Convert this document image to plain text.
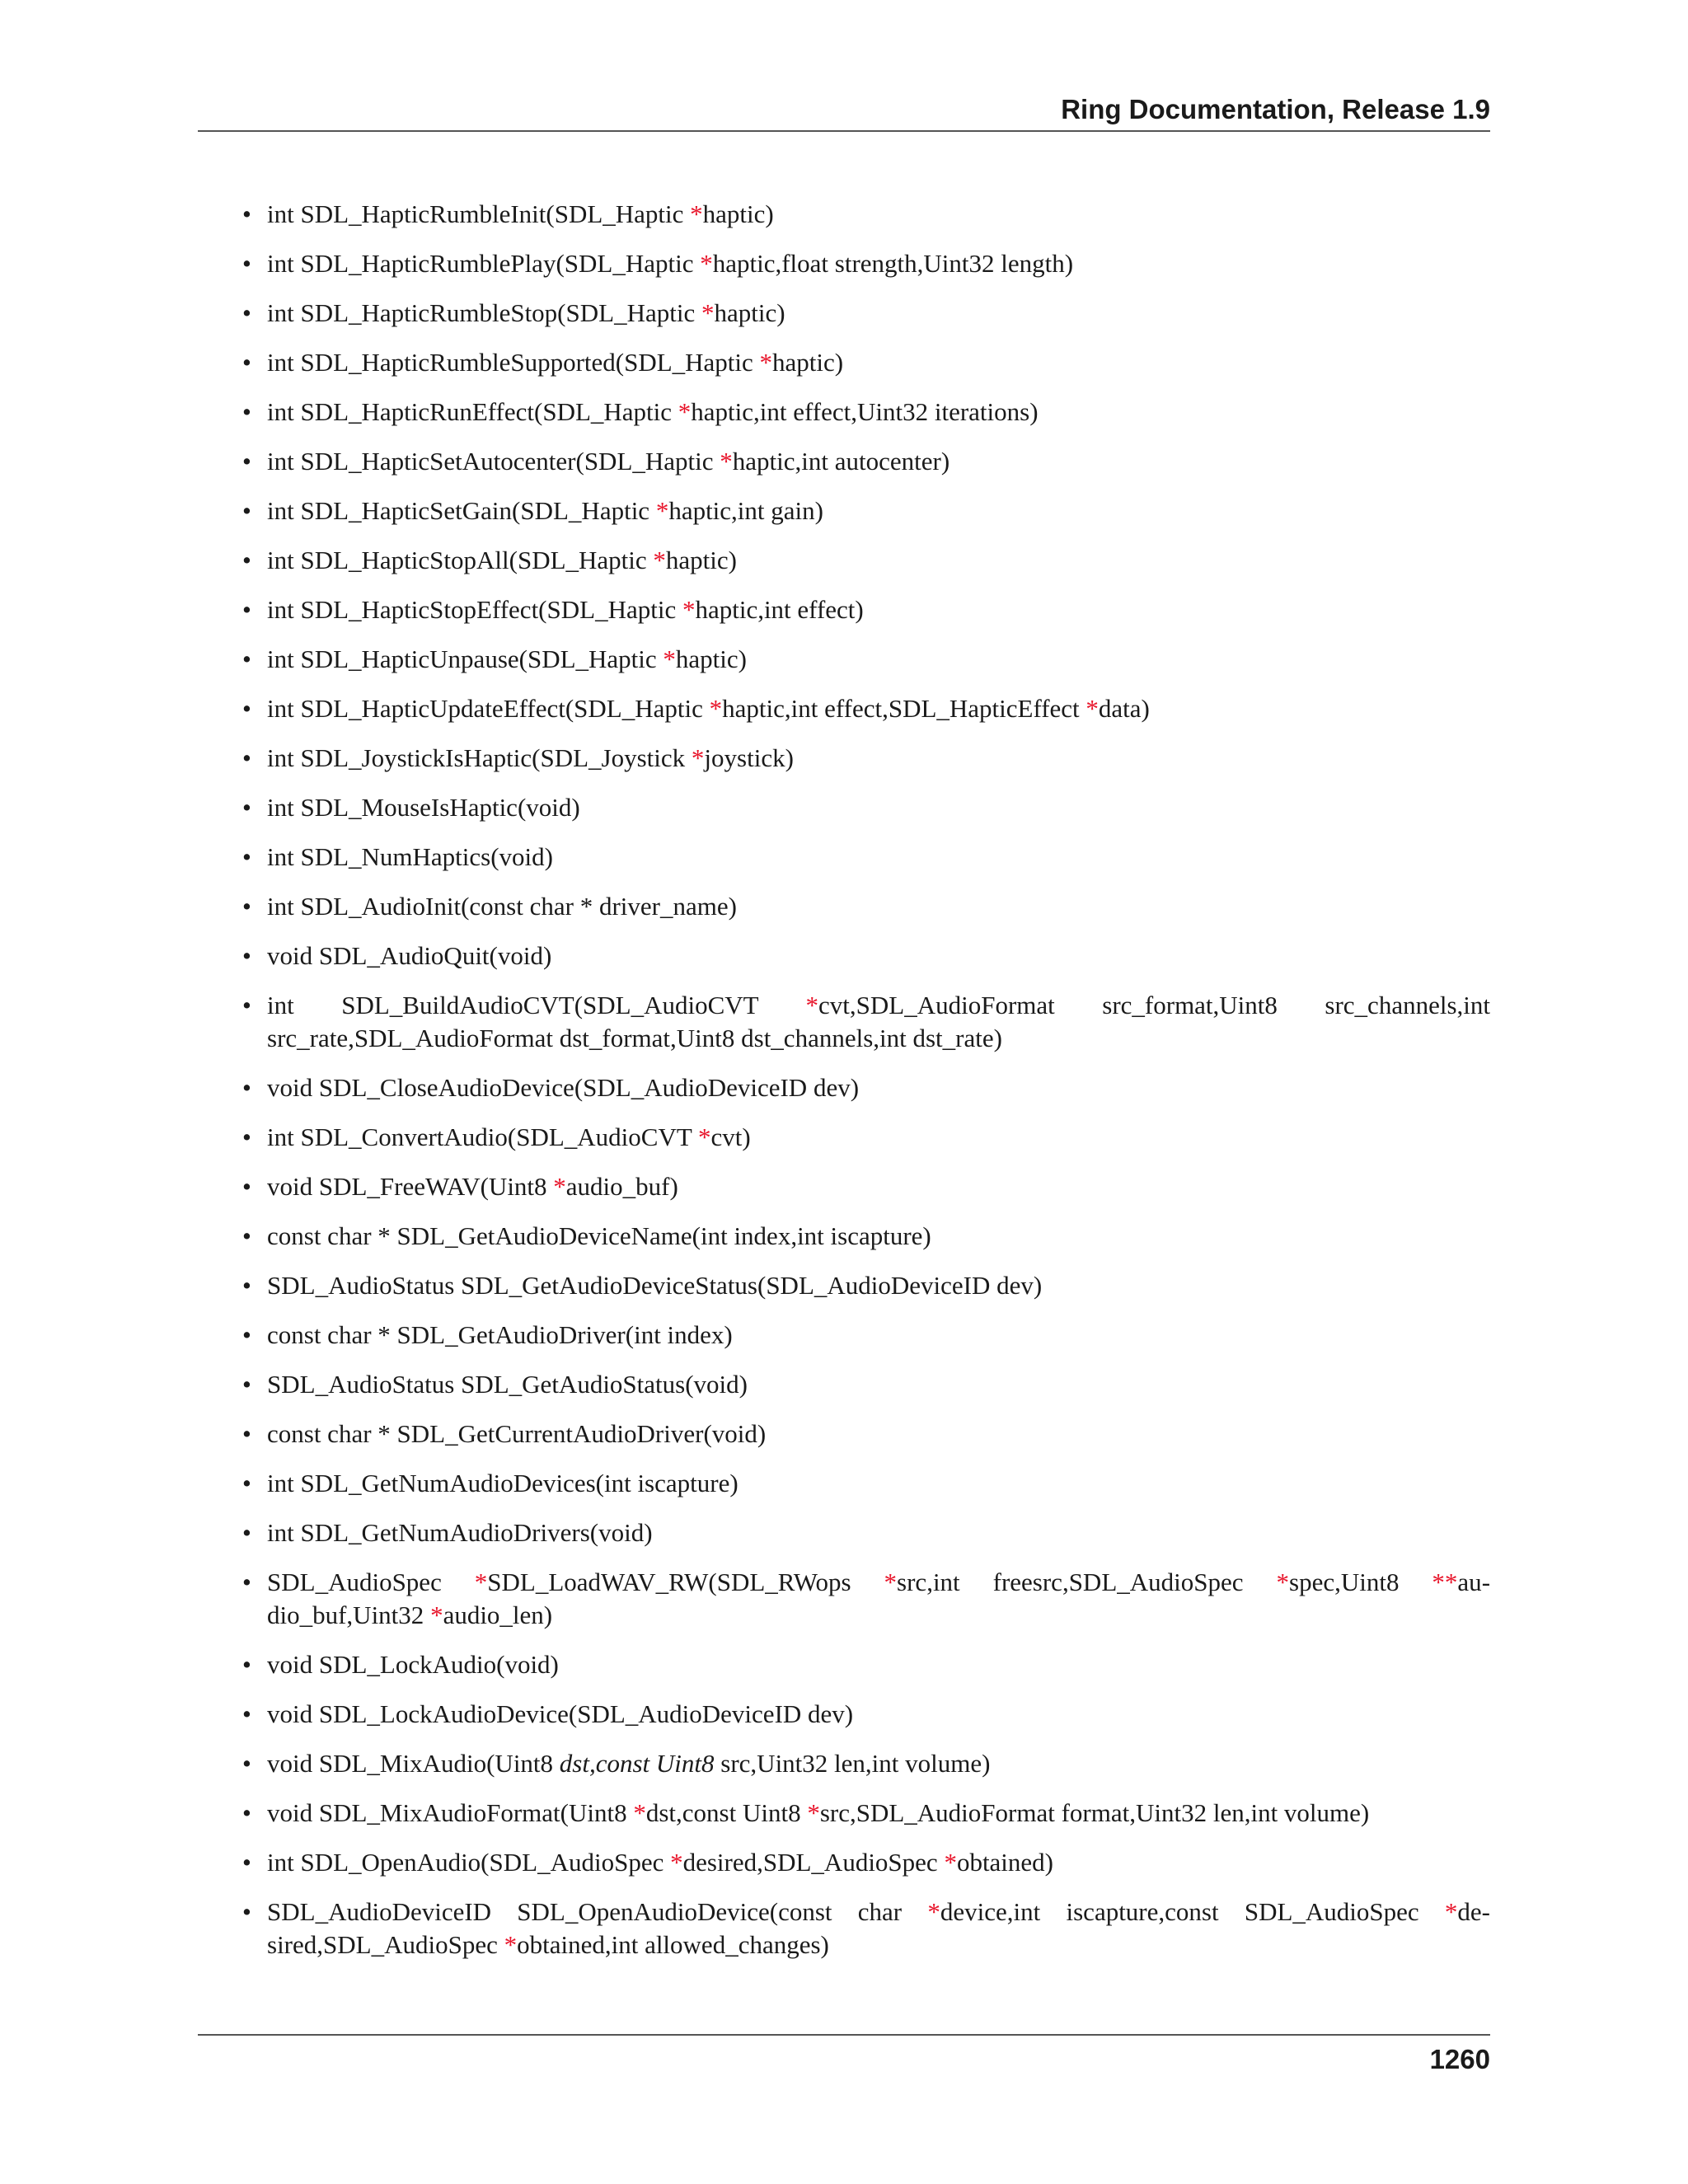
Ring Documentation, Release 1.9
• int SDL_HapticRumbleInit(SDL_Haptic *haptic)
• int SDL_HapticRumblePlay(SDL_Haptic *haptic,float strength,Uint32 length)
• int SDL_HapticRumbleStop(SDL_Haptic *haptic)
• int SDL_HapticRumbleSupported(SDL_Haptic *haptic)
• int SDL_HapticRunEffect(SDL_Haptic *haptic,int effect,Uint32 iterations)
• int SDL_HapticSetAutocenter(SDL_Haptic *haptic,int autocenter)
• int SDL_HapticSetGain(SDL_Haptic *haptic,int gain)
• int SDL_HapticStopAll(SDL_Haptic *haptic)
• int SDL_HapticStopEffect(SDL_Haptic *haptic,int effect)
• int SDL_HapticUnpause(SDL_Haptic *haptic)
• int SDL_HapticUpdateEffect(SDL_Haptic *haptic,int effect,SDL_HapticEffect *data)
• int SDL_JoystickIsHaptic(SDL_Joystick *joystick)
• int SDL_MouseIsHaptic(void)
• int SDL_NumHaptics(void)
• int SDL_AudioInit(const char * driver_name)
• void SDL_AudioQuit(void)
• int SDL_BuildAudioCVT(SDL_AudioCVT *cvt,SDL_AudioFormat src_format,Uint8 src_channels,int src_rate,SDL_AudioFormat dst_format,Uint8 dst_channels,int dst_rate)
• void SDL_CloseAudioDevice(SDL_AudioDeviceID dev)
• int SDL_ConvertAudio(SDL_AudioCVT *cvt)
• void SDL_FreeWAV(Uint8 *audio_buf)
• const char * SDL_GetAudioDeviceName(int index,int iscapture)
• SDL_AudioStatus SDL_GetAudioDeviceStatus(SDL_AudioDeviceID dev)
• const char * SDL_GetAudioDriver(int index)
• SDL_AudioStatus SDL_GetAudioStatus(void)
• const char * SDL_GetCurrentAudioDriver(void)
• int SDL_GetNumAudioDevices(int iscapture)
• int SDL_GetNumAudioDrivers(void)
• SDL_AudioSpec *SDL_LoadWAV_RW(SDL_RWops *src,int freesrc,SDL_AudioSpec *spec,Uint8 **audio_buf,Uint32 *audio_len)
• void SDL_LockAudio(void)
• void SDL_LockAudioDevice(SDL_AudioDeviceID dev)
• void SDL_MixAudio(Uint8 dst,const Uint8 src,Uint32 len,int volume)
• void SDL_MixAudioFormat(Uint8 *dst,const Uint8 *src,SDL_AudioFormat format,Uint32 len,int volume)
• int SDL_OpenAudio(SDL_AudioSpec *desired,SDL_AudioSpec *obtained)
• SDL_AudioDeviceID SDL_OpenAudioDevice(const char *device,int iscapture,const SDL_AudioSpec *desired,SDL_AudioSpec *obtained,int allowed_changes)
1260
